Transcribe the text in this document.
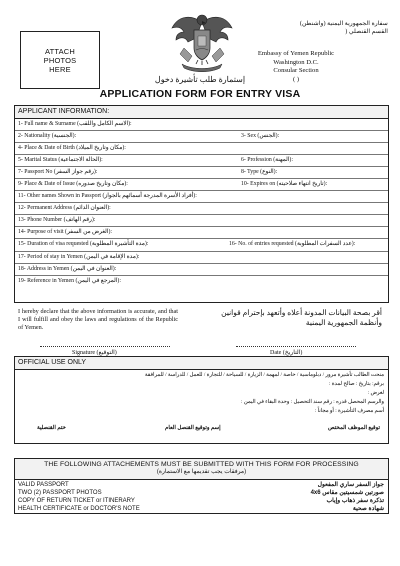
ATTACH
PHOTOS
HERE
سفارة الجمهورية اليمنية (واشنطن)
القسم القنصلي (
Embassy of Yemen Republic
Washington D.C.
Consular Section
( )
إستمارة طلب تأشيرة دخول
APPLICATION FORM FOR ENTRY VISA
APPLICANT INFORMATION:
1- Full name & Surname (الاسم الكامل واللقب):
2- Nationality (الجنسية):	3- Sex (الجنس):
4- Place & Date of Birth (مكان وتاريخ الميلاد):
5- Marital Status (الحالة الاجتماعية):	6- Profession (المهنة):
7- Passport No (رقم جواز السفر):	8- Type (النوع):
9- Place & Date of Issue (مكان وتاريخ صدوره):	10- Expires on (تاريخ انتهاء صلاحيته):
11- Other names Shown in Passport (أفراد الأسرة المدرجة أسمائهم بالجواز):
12- Permanent Address (العنوان الدائم):
13- Phone Number (رقم الهاتف):
14- Purpose of visit (الغرض من السفر):
15- Duration of visa requested (مدة التأشيرة المطلوبة):	16- No. of entries requested (عدد السفرات المطلوبة):
17- Period of stay in Yemen (مدة الإقامة في اليمن):
18- Address in Yemen (العنوان في اليمن):
19- Reference in Yemen (المرجع في اليمن):
I hereby declare that the above information is accurate, and that I will fulfill and obey the laws and regulations of the Republic of Yemen.
أقر بصحة البيانات المدونة أعلاه وأتعهد بإحترام قوانين وأنظمة الجمهورية اليمنية
Signature (التوقيع)	Date (التاريخ)
OFFICIAL USE ONLY
منحت الطالب تأشيرة مرور / دبلوماسية / خاصة / لمهمة / الزيارة / للسياحة / للتجارة / للعمل / للدراسة / للمرافقة
برقم: بتاريخ : صالح لمدة :
لغرض :
والرسم المحصل قدره : رقم سند التحصيل : وحدة البقاء في اليمن :
أسم مصرف التأشيرة : أو مجاناً :
توقيع الموظف المختص
إسم وتوقيع القنصل العام
ختم القنصلية
THE FOLLOWING ATTACHEMENTS MUST BE SUBMITTED WITH THIS FORM FOR PROCESSING
(مرفقات يجب تقديمها مع الاستمارة)
VALID PASSPORT	جواز السفر ساري المفعول
TWO (2) PASSPORT PHOTOS	صورتين شمسيتين مقاس 4x6
COPY OF RETURN TICKET or ITINERARY	تذكرة سفر ذهاب وإياب
HEALTH CERTIFICATE or DOCTOR'S NOTE	شهادة صحية
